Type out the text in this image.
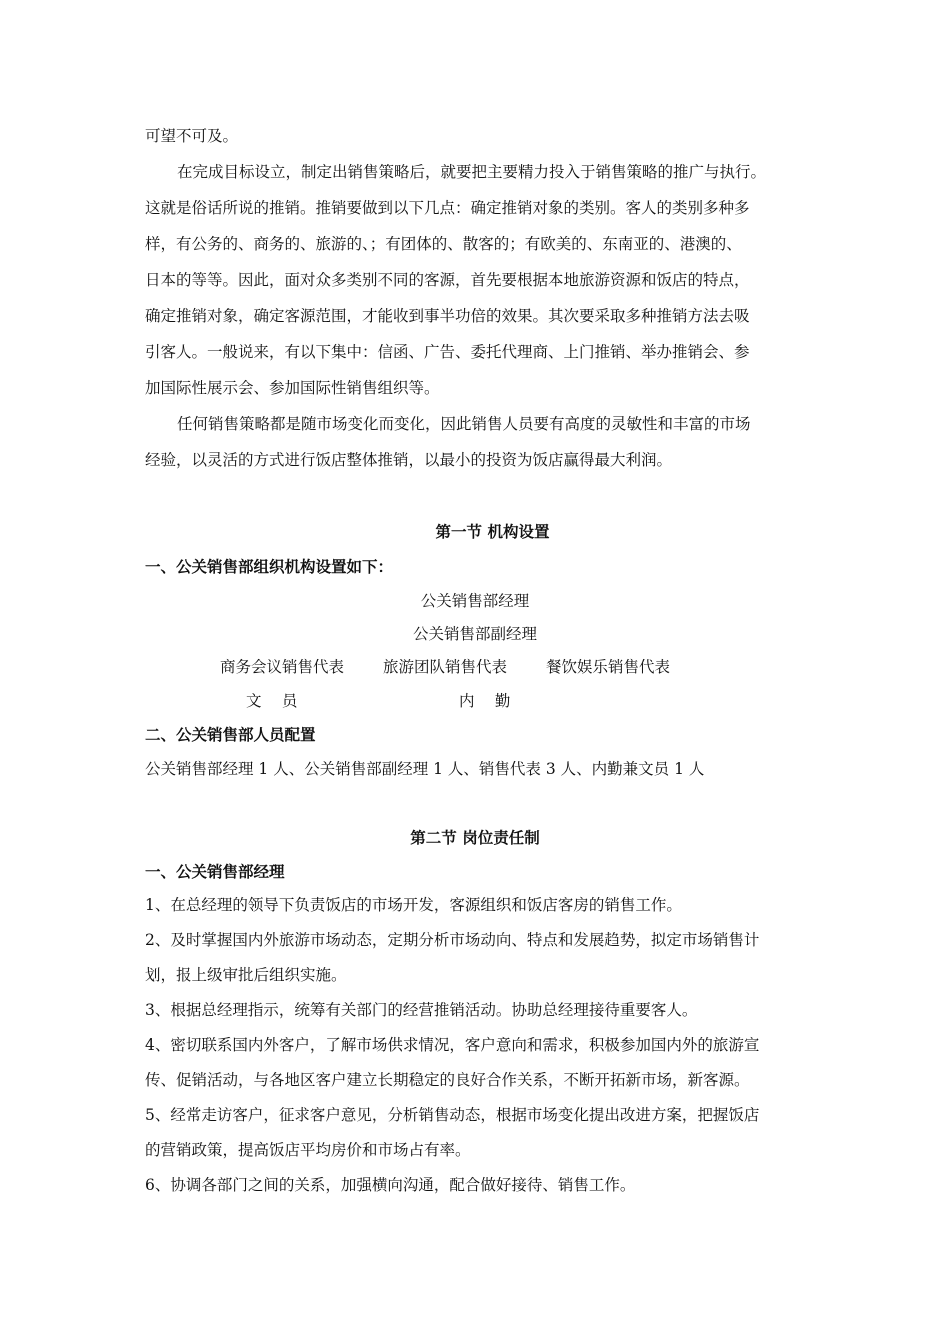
可望不可及。
在完成目标设立，制定出销售策略后，就要把主要精力投入于销售策略的推广与执行。
这就是俗话所说的推销。推销要做到以下几点：确定推销对象的类别。客人的类别多种多
样，有公务的、商务的、旅游的、；有团体的、散客的；有欧美的、东南亚的、港澳的、
日本的等等。因此，面对众多类别不同的客源，首先要根据本地旅游资源和饭店的特点，
确定推销对象，确定客源范围，才能收到事半功倍的效果。其次要采取多种推销方法去吸
引客人。一般说来，有以下集中：信函、广告、委托代理商、上门推销、举办推销会、参
加国际性展示会、参加国际性销售组织等。
任何销售策略都是随市场变化而变化，因此销售人员要有高度的灵敏性和丰富的市场
经验，以灵活的方式进行饭店整体推销，以最小的投资为饭店赢得最大利润。
第一节 机构设置
一、公关销售部组织机构设置如下：
公关销售部经理
公关销售部副经理
商务会议销售代表	旅游团队销售代表	餐饮娱乐销售代表
文　 员	内　 勤
二、公关销售部人员配置
公关销售部经理 1 人、公关销售部副经理 1 人、销售代表 3 人、内勤兼文员 1 人
第二节 岗位责任制
一、公关销售部经理
1、在总经理的领导下负责饭店的市场开发，客源组织和饭店客房的销售工作。
2、及时掌握国内外旅游市场动态，定期分析市场动向、特点和发展趋势，拟定市场销售计
划，报上级审批后组织实施。
3、根据总经理指示，统筹有关部门的经营推销活动。协助总经理接待重要客人。
4、密切联系国内外客户，了解市场供求情况，客户意向和需求，积极参加国内外的旅游宣
传、促销活动，与各地区客户建立长期稳定的良好合作关系，不断开拓新市场，新客源。
5、经常走访客户，征求客户意见，分析销售动态，根据市场变化提出改进方案，把握饭店
的营销政策，提高饭店平均房价和市场占有率。
6、协调各部门之间的关系，加强横向沟通，配合做好接待、销售工作。
